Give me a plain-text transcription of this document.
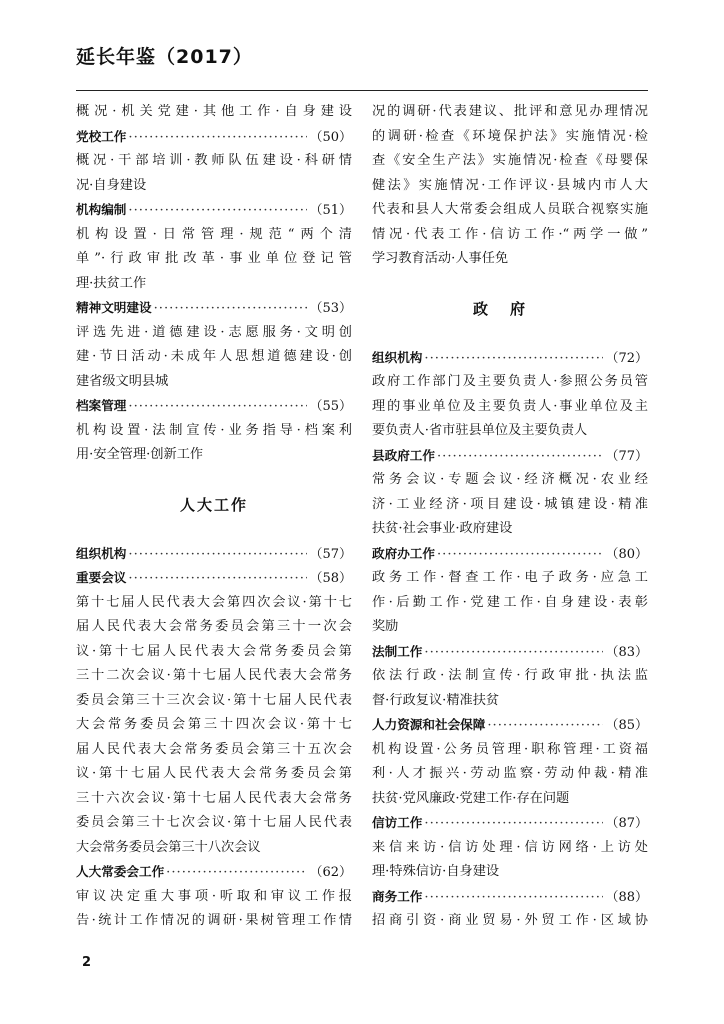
延长年鉴（2017）
概况·机关党建·其他工作·自身建设
党校工作 ·····	（50）
概况·干部培训·教师队伍建设·科研情
况·自身建设
机构编制 ·····	（51）
机构设置·日常管理·规范“两个清
单”·行政审批改革·事业单位登记管
理·扶贫工作
精神文明建设 ·····	（53）
评选先进·道德建设·志愿服务·文明创
建·节日活动·未成年人思想道德建设·创
建省级文明县城
档案管理 ·····	（55）
机构设置·法制宣传·业务指导·档案利
用·安全管理·创新工作
人大工作
组织机构 ·····	（57）
重要会议 ·····	（58）
第十七届人民代表大会第四次会议·第十七
届人民代表大会常务委员会第三十一次会
议·第十七届人民代表大会常务委员会第
三十二次会议·第十七届人民代表大会常务
委员会第三十三次会议·第十七届人民代表
大会常务委员会第三十四次会议·第十七
届人民代表大会常务委员会第三十五次会
议·第十七届人民代表大会常务委员会第
三十六次会议·第十七届人民代表大会常务
委员会第三十七次会议·第十七届人民代表
大会常务委员会第三十八次会议
人大常委会工作 ·····	（62）
审议决定重大事项·听取和审议工作报
告·统计工作情况的调研·果树管理工作情
况的调研·代表建议、批评和意见办理情况
的调研·检查《环境保护法》实施情况·检
查《安全生产法》实施情况·检查《母婴保
健法》实施情况·工作评议·县城内市人大
代表和县人大常委会组成人员联合视察实施
情况·代表工作·信访工作·“两学一做”
学习教育活动·人事任免
政府
组织机构 ·····	（72）
政府工作部门及主要负责人·参照公务员管
理的事业单位及主要负责人·事业单位及主
要负责人·省市驻县单位及主要负责人
县政府工作 ·····	（77）
常务会议·专题会议·经济概况·农业经
济·工业经济·项目建设·城镇建设·精准
扶贫·社会事业·政府建设
政府办工作 ·····	（80）
政务工作·督查工作·电子政务·应急工
作·后勤工作·党建工作·自身建设·表彰
奖励
法制工作 ·····	（83）
依法行政·法制宣传·行政审批·执法监
督·行政复议·精准扶贫
人力资源和社会保障 ·····	（85）
机构设置·公务员管理·职称管理·工资福
利·人才振兴·劳动监察·劳动仲裁·精准
扶贫·党风廉政·党建工作·存在问题
信访工作 ·····	（87）
来信来访·信访处理·信访网络·上访处
理·特殊信访·自身建设
商务工作 ·····	（88）
招商引资·商业贸易·外贸工作·区域协
2
